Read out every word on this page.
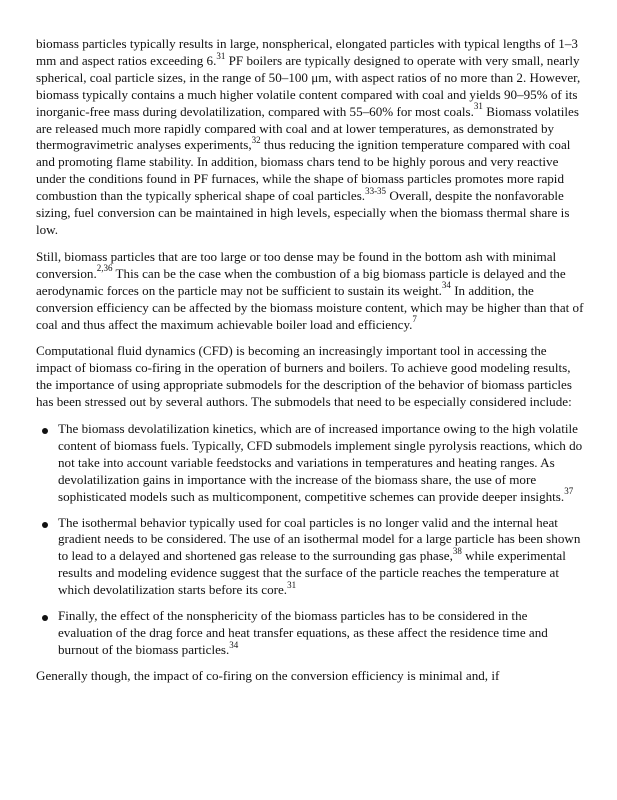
biomass particles typically results in large, nonspherical, elongated particles with typical lengths of 1–3 mm and aspect ratios exceeding 6.31 PF boilers are typically designed to operate with very small, nearly spherical, coal particle sizes, in the range of 50–100 μm, with aspect ratios of no more than 2. However, biomass typically contains a much higher volatile content compared with coal and yields 90–95% of its inorganic-free mass during devolatilization, compared with 55–60% for most coals.$^{31}$ Biomass volatiles are released much more rapidly compared with coal and at lower temperatures, as demonstrated by thermogravimetric analyses experiments,$^{32}$ thus reducing the ignition temperature compared with coal and promoting flame stability. In addition, biomass chars tend to be highly porous and very reactive under the conditions found in PF furnaces, while the shape of biomass particles promotes more rapid combustion than the typically spherical shape of coal particles.$^{33-35}$ Overall, despite the nonfavorable sizing, fuel conversion can be maintained in high levels, especially when the biomass thermal share is low.

Still, biomass particles that are too large or too dense may be found in the bottom ash with minimal conversion.$^{2,36}$ This can be the case when the combustion of a big biomass particle is delayed and the aerodynamic forces on the particle may not be sufficient to sustain its weight.$^{34}$ In addition, the conversion efficiency can be affected by the biomass moisture content, which may be higher than that of coal and thus affect the maximum achievable boiler load and efficiency.$^7$

Computational fluid dynamics (CFD) is becoming an increasingly important tool in accessing the impact of biomass co-firing in the operation of burners and boilers. To achieve good modeling results, the importance of using appropriate submodels for the description of the behavior of biomass particles has been stressed out by several authors. The submodels that need to be especially considered include:

The biomass devolatilization kinetics, which are of increased importance owing to the high volatile content of biomass fuels. Typically, CFD submodels implement single pyrolysis reactions, which do not take into account variable feedstocks and variations in temperatures and heating ranges. As devolatilization gains in importance with the increase of the biomass share, the use of more sophisticated models such as multicomponent, competitive schemes can provide deeper insights.$^{37}$
The isothermal behavior typically used for coal particles is no longer valid and the internal heat gradient needs to be considered. The use of an isothermal model for a large particle has been shown to lead to a delayed and shortened gas release to the surrounding gas phase,$^{38}$ while experimental results and modeling evidence suggest that the surface of the particle reaches the temperature at which devolatilization starts before its core.$^{31}$
Finally, the effect of the nonsphericity of the biomass particles has to be considered in the evaluation of the drag force and heat transfer equations, as these affect the residence time and burnout of the biomass particles.$^{34}$

Generally though, the impact of co-firing on the conversion efficiency is minimal and, if
